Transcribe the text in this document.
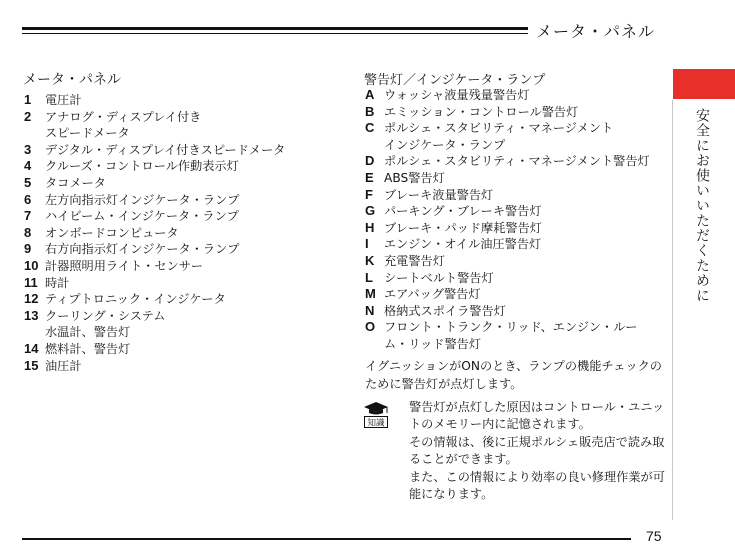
メータ・パネル
メータ・パネル
1 電圧計
2 アナログ・ディスプレイ付き
スピードメータ
3 デジタル・ディスプレイ付きスピードメータ
4 クルーズ・コントロール作動表示灯
5 タコメータ
6 左方向指示灯インジケータ・ランプ
7 ハイビーム・インジケータ・ランプ
8 オンボードコンピュータ
9 右方向指示灯インジケータ・ランプ
10 計器照明用ライト・センサー
11 時計
12 ティプトロニック・インジケータ
13 クーリング・システム
水温計、警告灯
14 燃料計、警告灯
15 油圧計
警告灯／インジケータ・ランプ
A ウォッシャ液量残量警告灯
B エミッション・コントロール警告灯
C ポルシェ・スタビリティ・マネージメント
インジケータ・ランプ
D ポルシェ・スタビリティ・マネージメント警告灯
E ABS警告灯
F ブレーキ液量警告灯
G パーキング・ブレーキ警告灯
H ブレーキ・パッド摩耗警告灯
I エンジン・オイル油圧警告灯
K 充電警告灯
L シートベルト警告灯
M エアバッグ警告灯
N 格納式スポイラ警告灯
O フロント・トランク・リッド、エンジン・ルー
ム・リッド警告灯
イグニッションがONのとき、ランプの機能チェックのために警告灯が点灯します。
知識

警告灯が点灯した原因はコントロール・ユニットのメモリー内に記憶されます。

その情報は、後に正規ポルシェ販売店で読み取ることができます。

また、この情報により効率の良い修理作業が可能になります。

安全にお使いいただくために
75
